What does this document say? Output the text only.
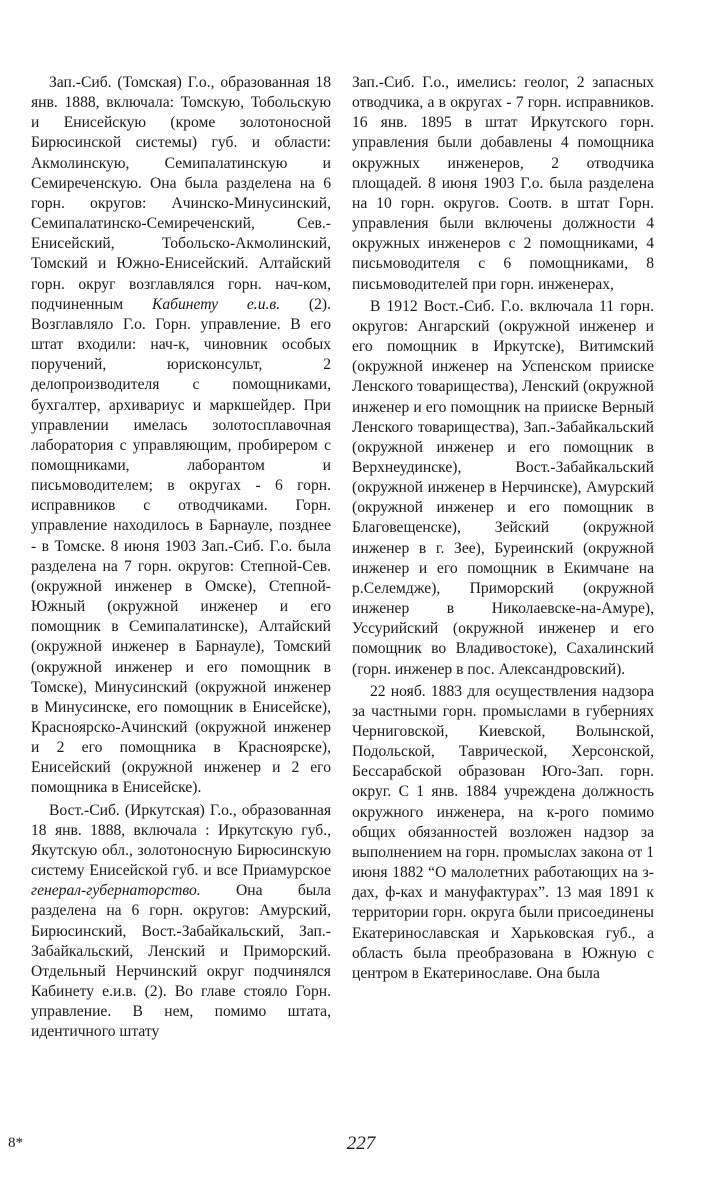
Зап.-Сиб. (Томская) Г.о., образованная 18 янв. 1888, включала: Томскую, Тобольскую и Енисейскую (кроме золотоносной Бирюсинской системы) губ. и области: Акмолинскую, Семипалатинскую и Семиреченскую. Она была разделена на 6 горн. округов: Ачинско-Минусинский, Семипалатинско-Семиреченский, Сев.-Енисейский, Тобольско-Акмолинский, Томский и Южно-Енисейский. Алтайский горн. округ возглавлялся горн. нач-ком, подчиненным Кабинету е.и.в. (2). Возглавляло Г.о. Горн. управление. В его штат входили: нач-к, чиновник особых поручений, юрисконсульт, 2 делопроизводителя с помощниками, бухгалтер, архивариус и маркшейдер. При управлении имелась золотосплавочная лаборатория с управляющим, пробирером с помощниками, лаборантом и письмоводителем; в округах - 6 горн. исправников с отводчиками. Горн. управление находилось в Барнауле, позднее - в Томске. 8 июня 1903 Зап.-Сиб. Г.о. была разделена на 7 горн. округов: Степной-Сев. (окружной инженер в Омске), Степной-Южный (окружной инженер и его помощник в Семипалатинске), Алтайский (окружной инженер в Барнауле), Томский (окружной инженер и его помощник в Томске), Минусинский (окружной инженер в Минусинске, его помощник в Енисейске), Красноярско-Ачинский (окружной инженер и 2 его помощника в Красноярске), Енисейский (окружной инженер и 2 его помощника в Енисейске).

Вост.-Сиб. (Иркутская) Г.о., образованная 18 янв. 1888, включала : Иркутскую губ., Якутскую обл., золотоносную Бирюсинскую систему Енисейской губ. и все Приамурское генерал-губернаторство. Она была разделена на 6 горн. округов: Амурский, Бирюсинский, Вост.-Забайкальский, Зап.-Забайкальский, Ленский и Приморский. Отдельный Нерчинский округ подчинялся Кабинету е.и.в. (2). Во главе стояло Горн. управление. В нем, помимо штата, идентичного штату

Зап.-Сиб. Г.о., имелись: геолог, 2 запасных отводчика, а в округах - 7 горн. исправников. 16 янв. 1895 в штат Иркутского горн. управления были добавлены 4 помощника окружных инженеров, 2 отводчика площадей. 8 июня 1903 Г.о. была разделена на 10 горн. округов. Соотв. в штат Горн. управления были включены должности 4 окружных инженеров с 2 помощниками, 4 письмоводителя с 6 помощниками, 8 письмоводителей при горн. инженерах,

В 1912 Вост.-Сиб. Г.о. включала 11 горн. округов: Ангарский (окружной инженер и его помощник в Иркутске), Витимский (окружной инженер на Успенском прииске Ленского товарищества), Ленский (окружной инженер и его помощник на прииске Верный Ленского товарищества), Зап.-Забайкальский (окружной инженер и его помощник в Верхнеудинске), Вост.-Забайкальский (окружной инженер в Нерчинске), Амурский (окружной инженер и его помощник в Благовещенске), Зейский (окружной инженер в г. Зее), Буреинский (окружной инженер и его помощник в Екимчане на р.Селемдже), Приморский (окружной инженер в Николаевске-на-Амуре), Уссурийский (окружной инженер и его помощник во Владивостоке), Сахалинский (горн. инженер в пос. Александровский).

22 нояб. 1883 для осуществления надзора за частными горн. промыслами в губерниях Черниговской, Киевской, Волынской, Подольской, Таврической, Херсонской, Бессарабской образован Юго-Зап. горн. округ. С 1 янв. 1884 учреждена должность окружного инженера, на к-рого помимо общих обязанностей возложен надзор за выполнением на горн. промыслах закона от 1 июня 1882 “О малолетних работающих на з-дах, ф-ках и мануфактурах”. 13 мая 1891 к территории горн. округа были присоединены Екатеринославская и Харьковская губ., а область была преобразована в Южную с центром в Екатеринославе. Она была

8*	227
